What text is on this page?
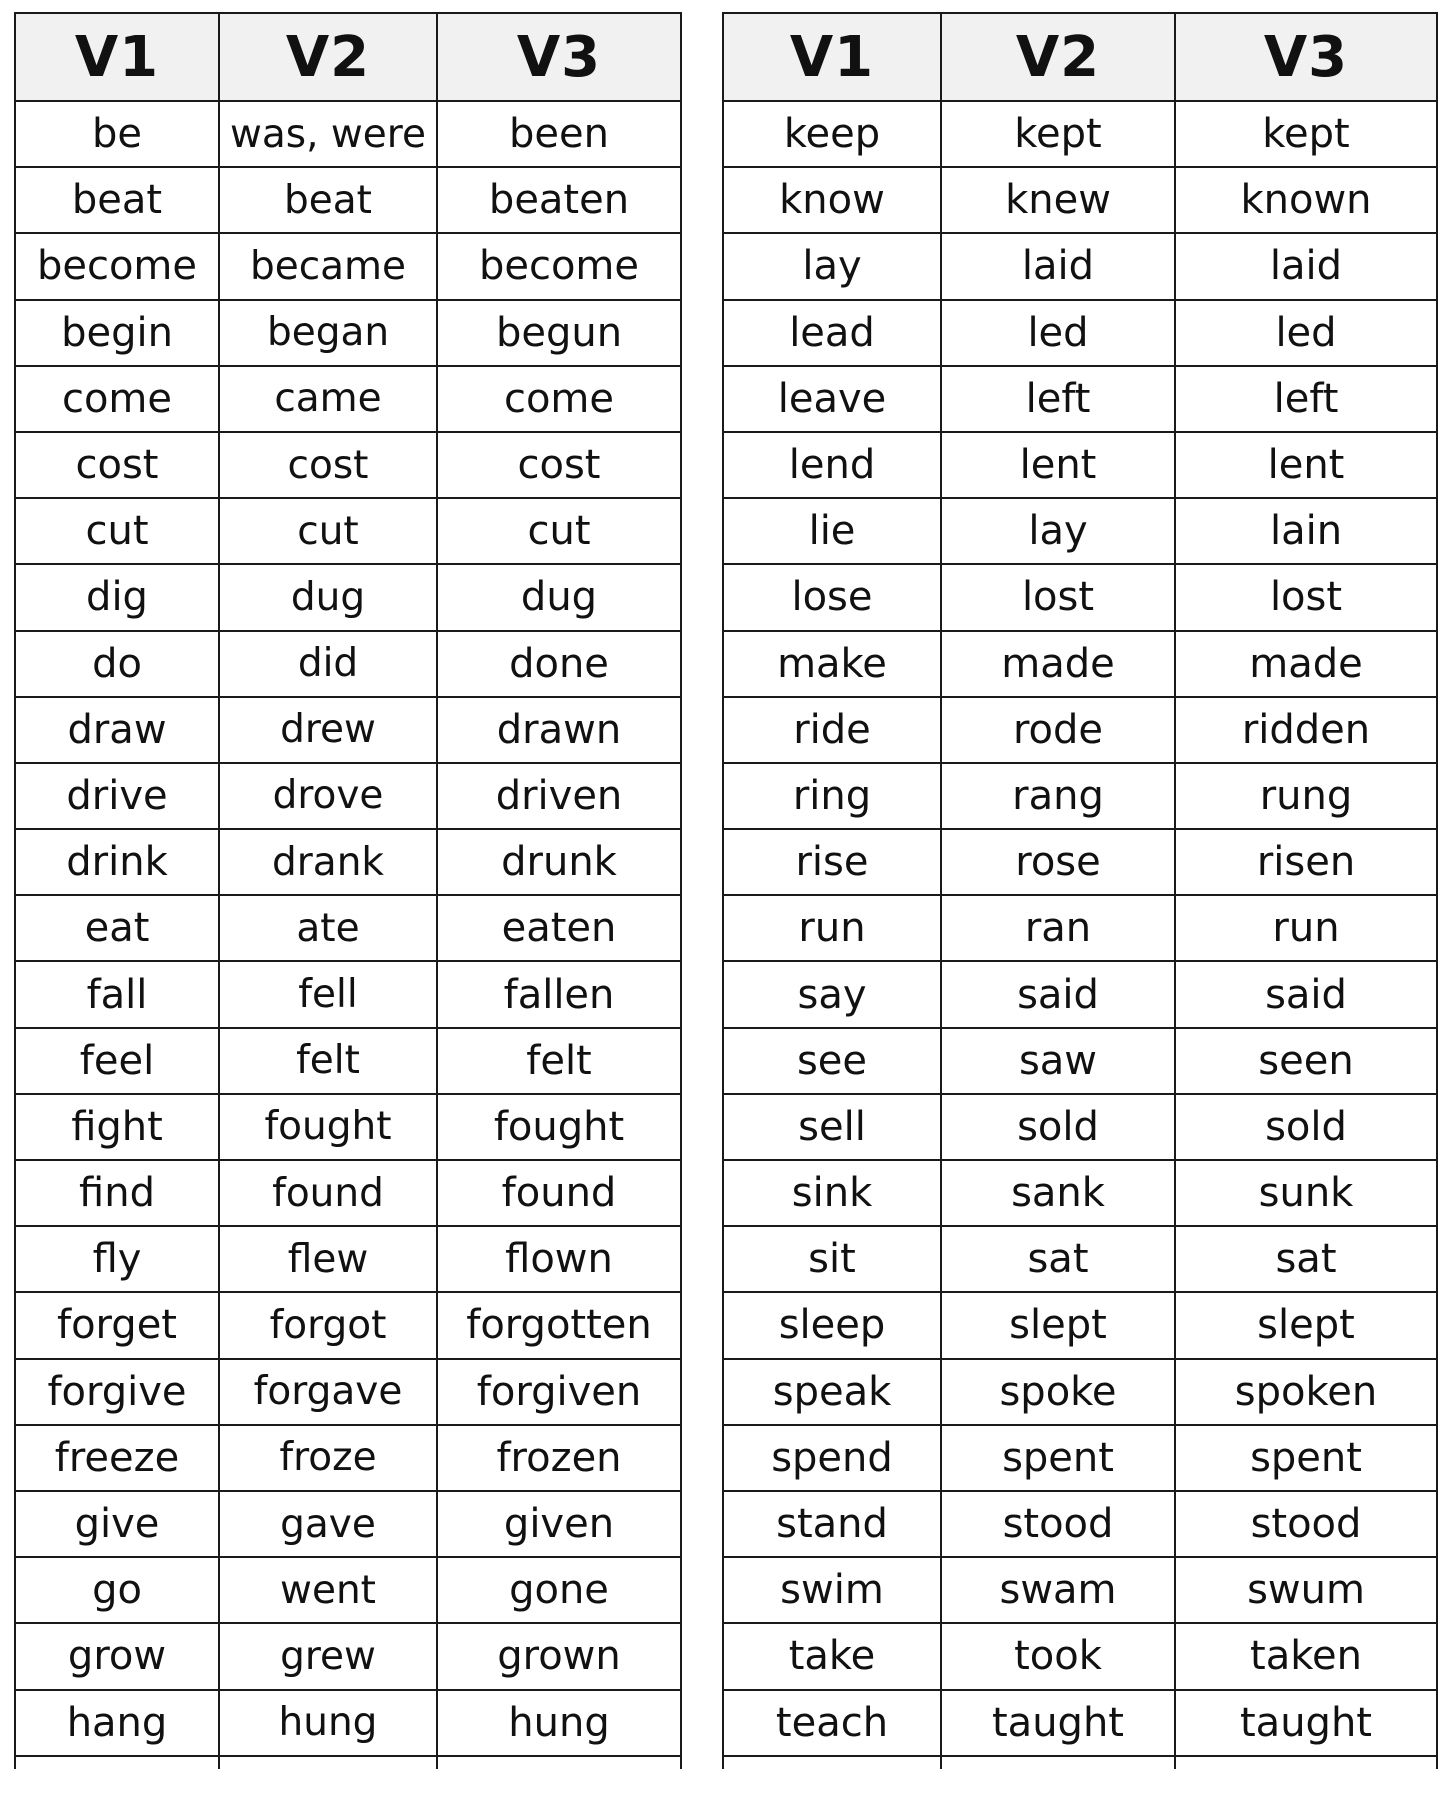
V1	V2	V3
be	was, were	been
beat	beat	beaten
become	became	become
begin	began	begun
come	came	come
cost	cost	cost
cut	cut	cut
dig	dug	dug
do	did	done
draw	drew	drawn
drive	drove	driven
drink	drank	drunk
eat	ate	eaten
fall	fell	fallen
feel	felt	felt
fight	fought	fought
find	found	found
fly	flew	flown
forget	forgot	forgotten
forgive	forgave	forgiven
freeze	froze	frozen
give	gave	given
go	went	gone
grow	grew	grown
hang	hung	hung

V1	V2	V3
keep	kept	kept
know	knew	known
lay	laid	laid
lead	led	led
leave	left	left
lend	lent	lent
lie	lay	lain
lose	lost	lost
make	made	made
ride	rode	ridden
ring	rang	rung
rise	rose	risen
run	ran	run
say	said	said
see	saw	seen
sell	sold	sold
sink	sank	sunk
sit	sat	sat
sleep	slept	slept
speak	spoke	spoken
spend	spent	spent
stand	stood	stood
swim	swam	swum
take	took	taken
teach	taught	taught
